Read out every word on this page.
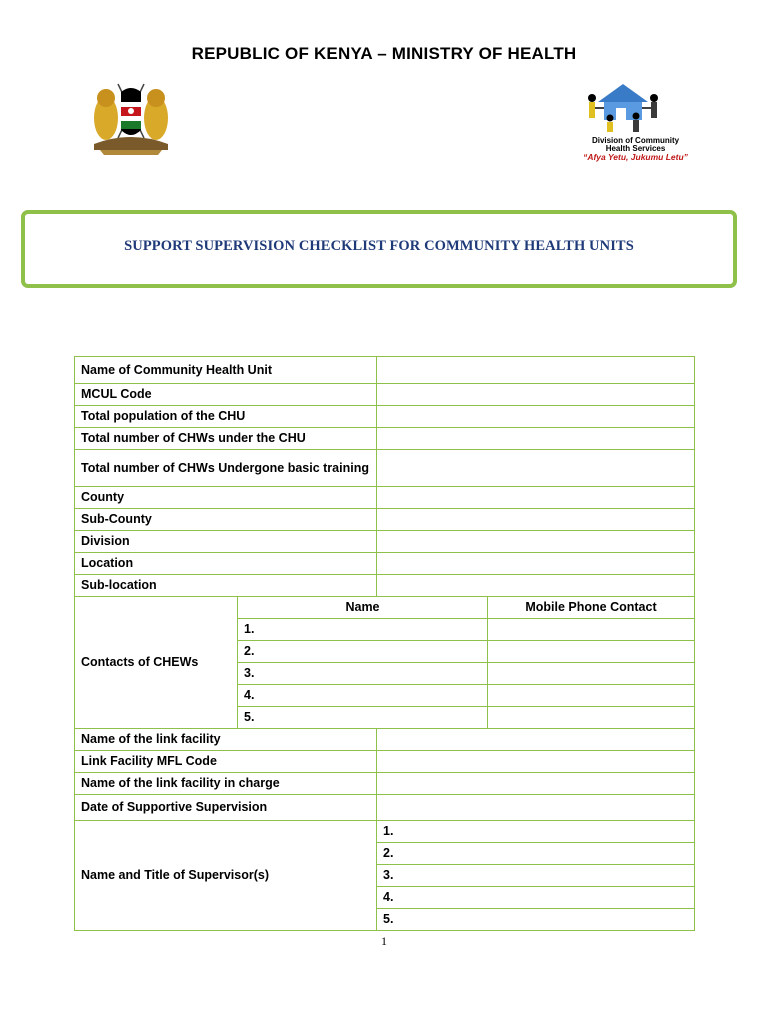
REPUBLIC OF KENYA – MINISTRY OF HEALTH
Division of Community
Health Services
“Afya Yetu, Jukumu Letu”
SUPPORT SUPERVISION CHECKLIST FOR COMMUNITY HEALTH UNITS
Name of Community Health Unit			
MCUL Code			
Total population of the CHU			
Total number of CHWs under the CHU			
Total number of CHWs Undergone basic training			
County			
Sub-County			
Division			
Location			
Sub-location			
Contacts of CHEWs	Name		Mobile Phone Contact
	1.		
	2.		
	3.		
	4.		
	5.		
Name of the link facility			
Link Facility MFL Code			
Name of the link facility in charge			
Date of Supportive Supervision			
Name and Title of Supervisor(s)		1.	
		2.	
		3.	
		4.	
		5.	
1
